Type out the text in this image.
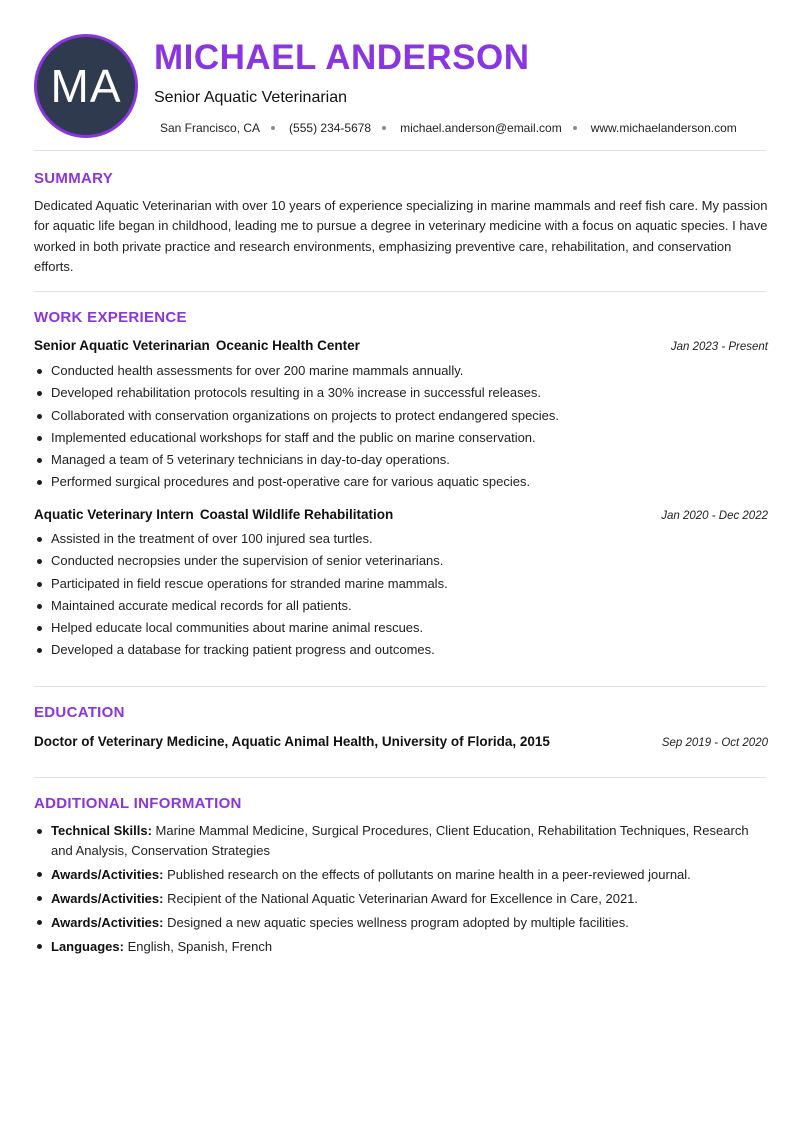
MA
MICHAEL ANDERSON
Senior Aquatic Veterinarian
San Francisco, CA (555) 234-5678 michael.anderson@email.com www.michaelanderson.com
SUMMARY
Dedicated Aquatic Veterinarian with over 10 years of experience specializing in marine mammals and reef fish care. My passion for aquatic life began in childhood, leading me to pursue a degree in veterinary medicine with a focus on aquatic species. I have worked in both private practice and research environments, emphasizing preventive care, rehabilitation, and conservation efforts.
WORK EXPERIENCE
Senior Aquatic Veterinarian Oceanic Health Center	Jan 2023 - Present
Conducted health assessments for over 200 marine mammals annually.
Developed rehabilitation protocols resulting in a 30% increase in successful releases.
Collaborated with conservation organizations on projects to protect endangered species.
Implemented educational workshops for staff and the public on marine conservation.
Managed a team of 5 veterinary technicians in day-to-day operations.
Performed surgical procedures and post-operative care for various aquatic species.
Aquatic Veterinary Intern Coastal Wildlife Rehabilitation	Jan 2020 - Dec 2022
Assisted in the treatment of over 100 injured sea turtles.
Conducted necropsies under the supervision of senior veterinarians.
Participated in field rescue operations for stranded marine mammals.
Maintained accurate medical records for all patients.
Helped educate local communities about marine animal rescues.
Developed a database for tracking patient progress and outcomes.
EDUCATION
Doctor of Veterinary Medicine, Aquatic Animal Health, University of Florida, 2015	Sep 2019 - Oct 2020
ADDITIONAL INFORMATION
Technical Skills: Marine Mammal Medicine, Surgical Procedures, Client Education, Rehabilitation Techniques, Research and Analysis, Conservation Strategies
Awards/Activities: Published research on the effects of pollutants on marine health in a peer-reviewed journal.
Awards/Activities: Recipient of the National Aquatic Veterinarian Award for Excellence in Care, 2021.
Awards/Activities: Designed a new aquatic species wellness program adopted by multiple facilities.
Languages: English, Spanish, French
